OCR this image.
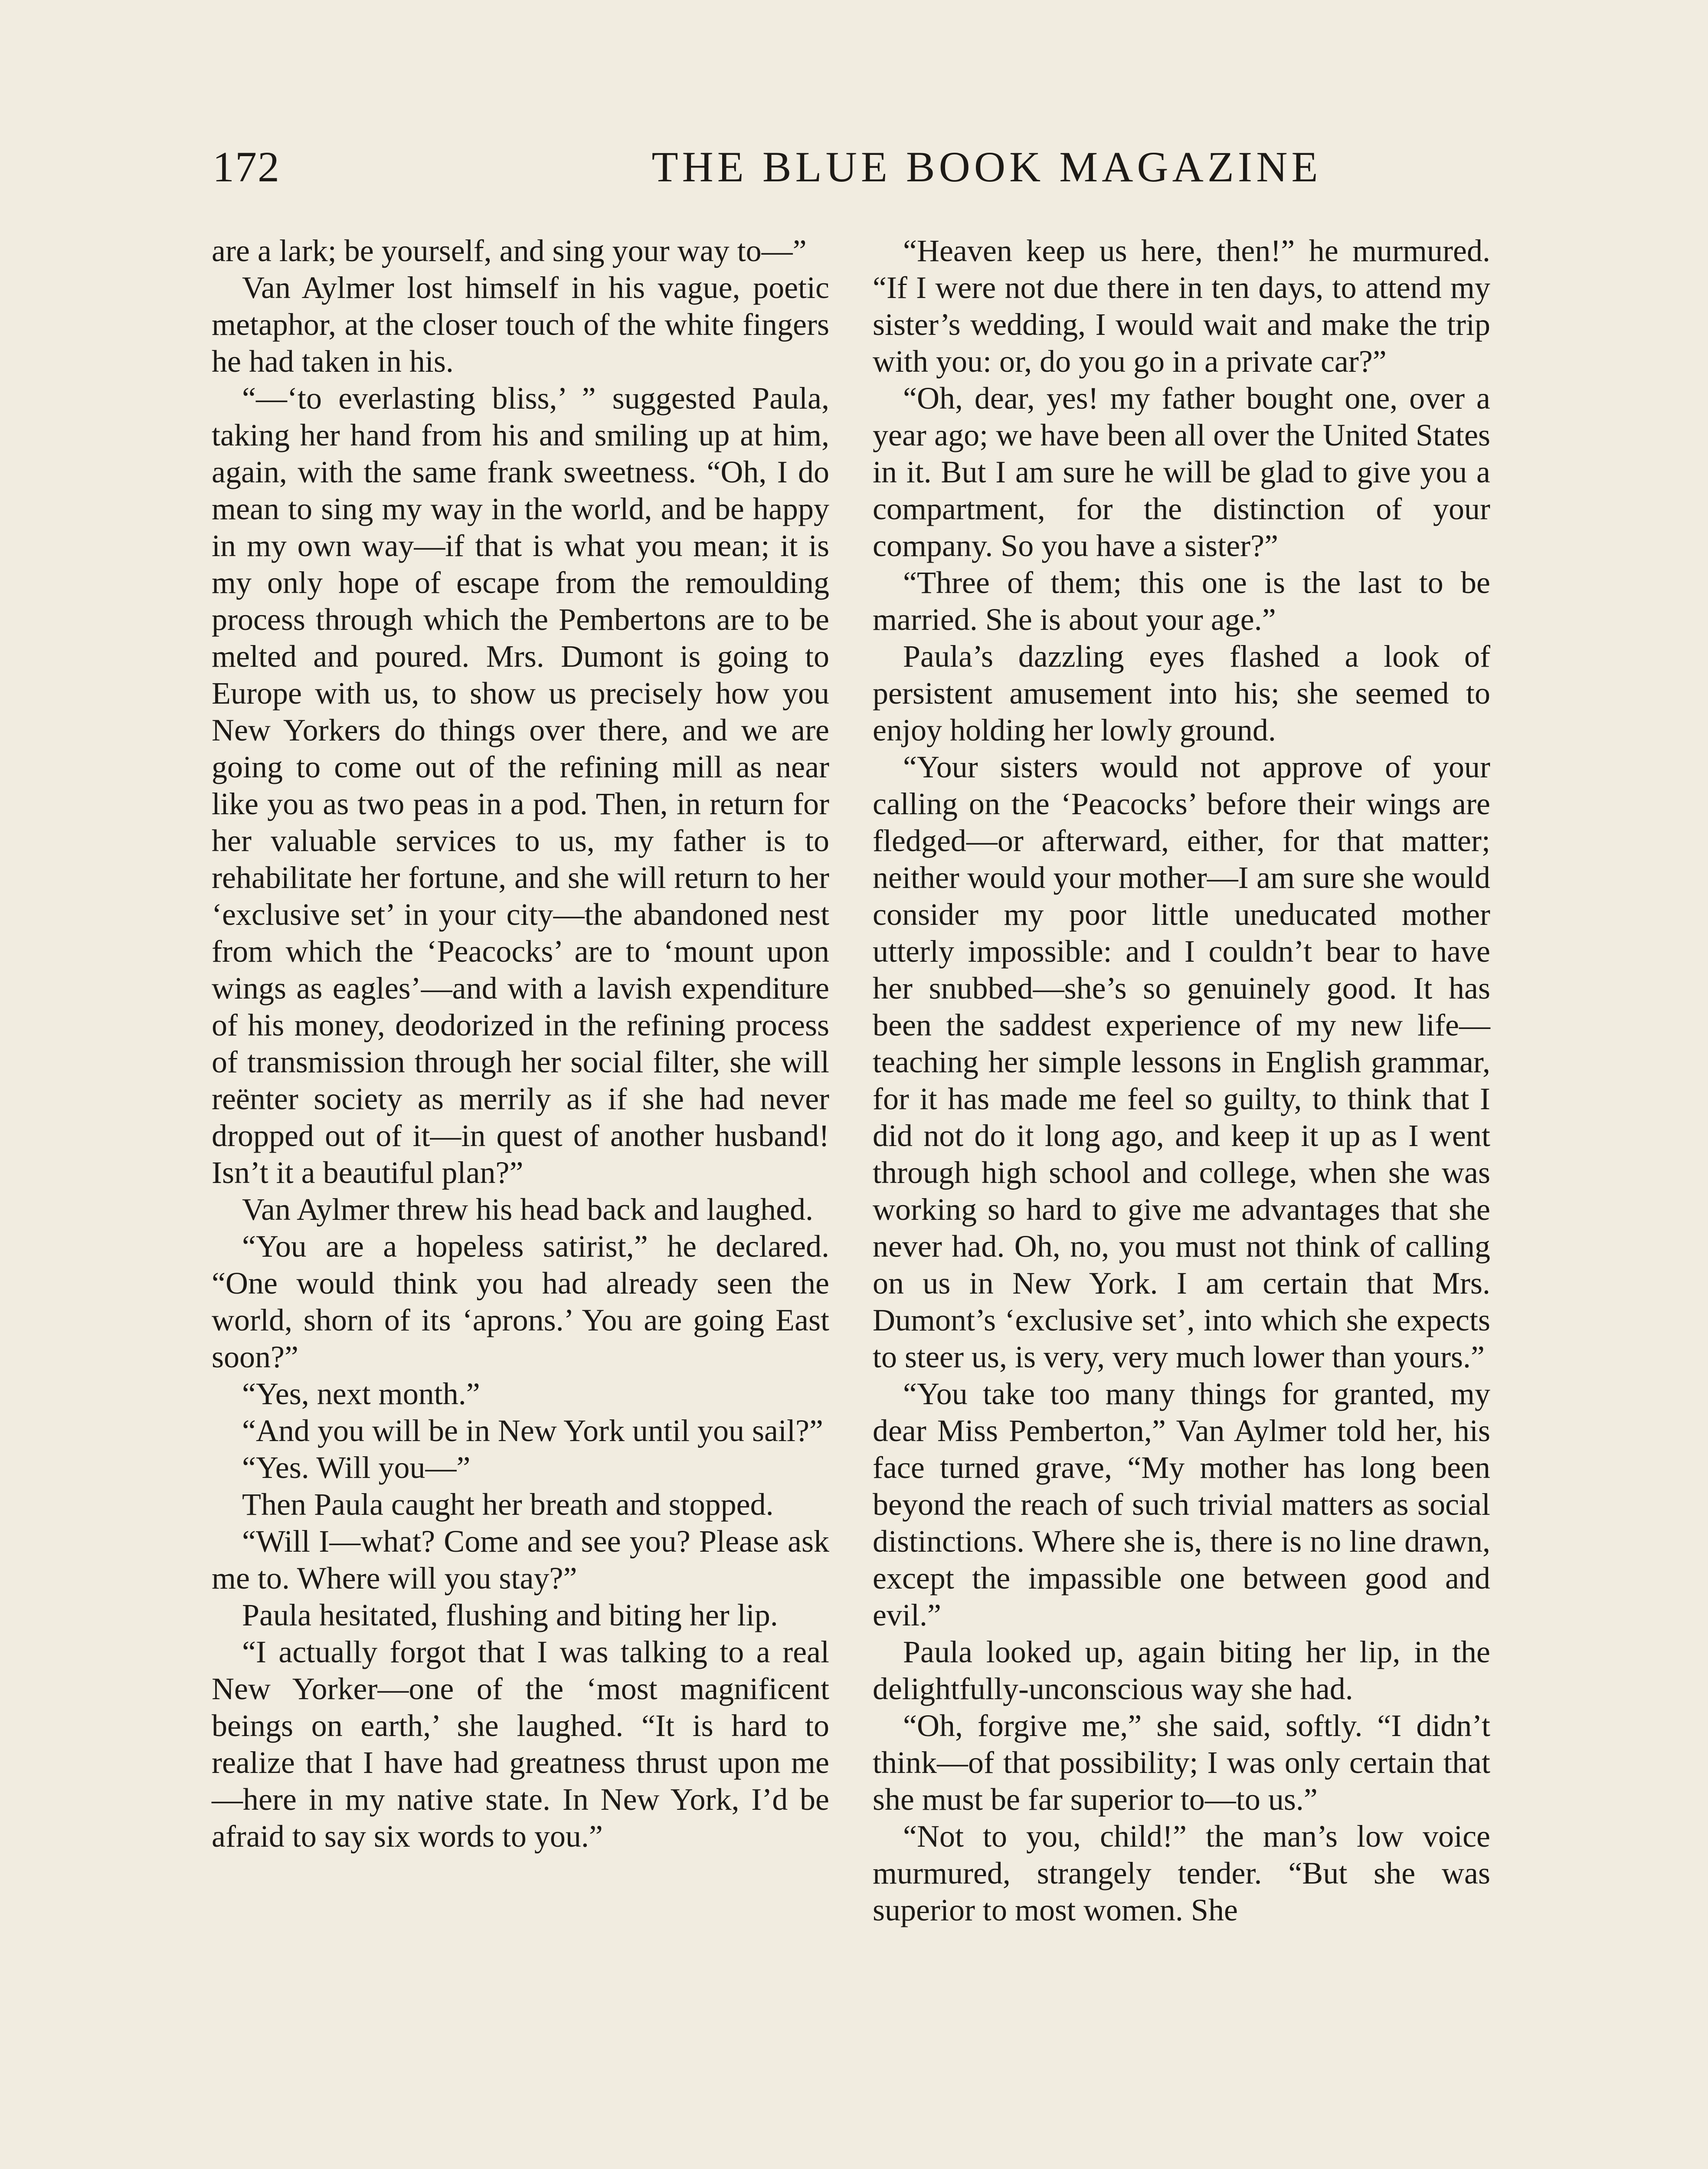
172	THE BLUE BOOK MAGAZINE

are a lark; be yourself, and sing your way to—”

Van Aylmer lost himself in his vague, poetic metaphor, at the closer touch of the white fingers he had taken in his.

“—‘to everlasting bliss,’ ” suggested Paula, taking her hand from his and smiling up at him, again, with the same frank sweetness. “Oh, I do mean to sing my way in the world, and be happy in my own way—if that is what you mean; it is my only hope of escape from the remoulding process through which the Pembertons are to be melted and poured. Mrs. Dumont is going to Europe with us, to show us precisely how you New Yorkers do things over there, and we are going to come out of the refining mill as near like you as two peas in a pod. Then, in return for her valuable services to us, my father is to rehabilitate her fortune, and she will return to her ‘exclusive set’ in your city—the abandoned nest from which the ‘Peacocks’ are to ‘mount upon wings as eagles’—and with a lavish expenditure of his money, deodorized in the refining process of transmission through her social filter, she will reënter society as merrily as if she had never dropped out of it—in quest of another husband! Isn’t it a beautiful plan?”

Van Aylmer threw his head back and laughed.

“You are a hopeless satirist,” he declared. “One would think you had already seen the world, shorn of its ‘aprons.’ You are going East soon?”

“Yes, next month.”

“And you will be in New York until you sail?”

“Yes. Will you—”

Then Paula caught her breath and stopped.

“Will I—what? Come and see you? Please ask me to. Where will you stay?”

Paula hesitated, flushing and biting her lip.

“I actually forgot that I was talking to a real New Yorker—one of the ‘most magnificent beings on earth,’ she laughed. “It is hard to realize that I have had greatness thrust upon me—here in my native state. In New York, I’d be afraid to say six words to you.”

“Heaven keep us here, then!” he murmured. “If I were not due there in ten days, to attend my sister’s wedding, I would wait and make the trip with you: or, do you go in a private car?”

“Oh, dear, yes! my father bought one, over a year ago; we have been all over the United States in it. But I am sure he will be glad to give you a compartment, for the distinction of your company. So you have a sister?”

“Three of them; this one is the last to be married. She is about your age.”

Paula’s dazzling eyes flashed a look of persistent amusement into his; she seemed to enjoy holding her lowly ground.

“Your sisters would not approve of your calling on the ‘Peacocks’ before their wings are fledged—or afterward, either, for that matter; neither would your mother—I am sure she would consider my poor little uneducated mother utterly impossible: and I couldn’t bear to have her snubbed—she’s so genuinely good. It has been the saddest experience of my new life—teaching her simple lessons in English grammar, for it has made me feel so guilty, to think that I did not do it long ago, and keep it up as I went through high school and college, when she was working so hard to give me advantages that she never had. Oh, no, you must not think of calling on us in New York. I am certain that Mrs. Dumont’s ‘exclusive set’, into which she expects to steer us, is very, very much lower than yours.”

“You take too many things for granted, my dear Miss Pemberton,” Van Aylmer told her, his face turned grave, “My mother has long been beyond the reach of such trivial matters as social distinctions. Where she is, there is no line drawn, except the impassible one between good and evil.”

Paula looked up, again biting her lip, in the delightfully-unconscious way she had.

“Oh, forgive me,” she said, softly. “I didn’t think—of that possibility; I was only certain that she must be far superior to—to us.”

“Not to you, child!” the man’s low voice murmured, strangely tender. “But she was superior to most women. She
